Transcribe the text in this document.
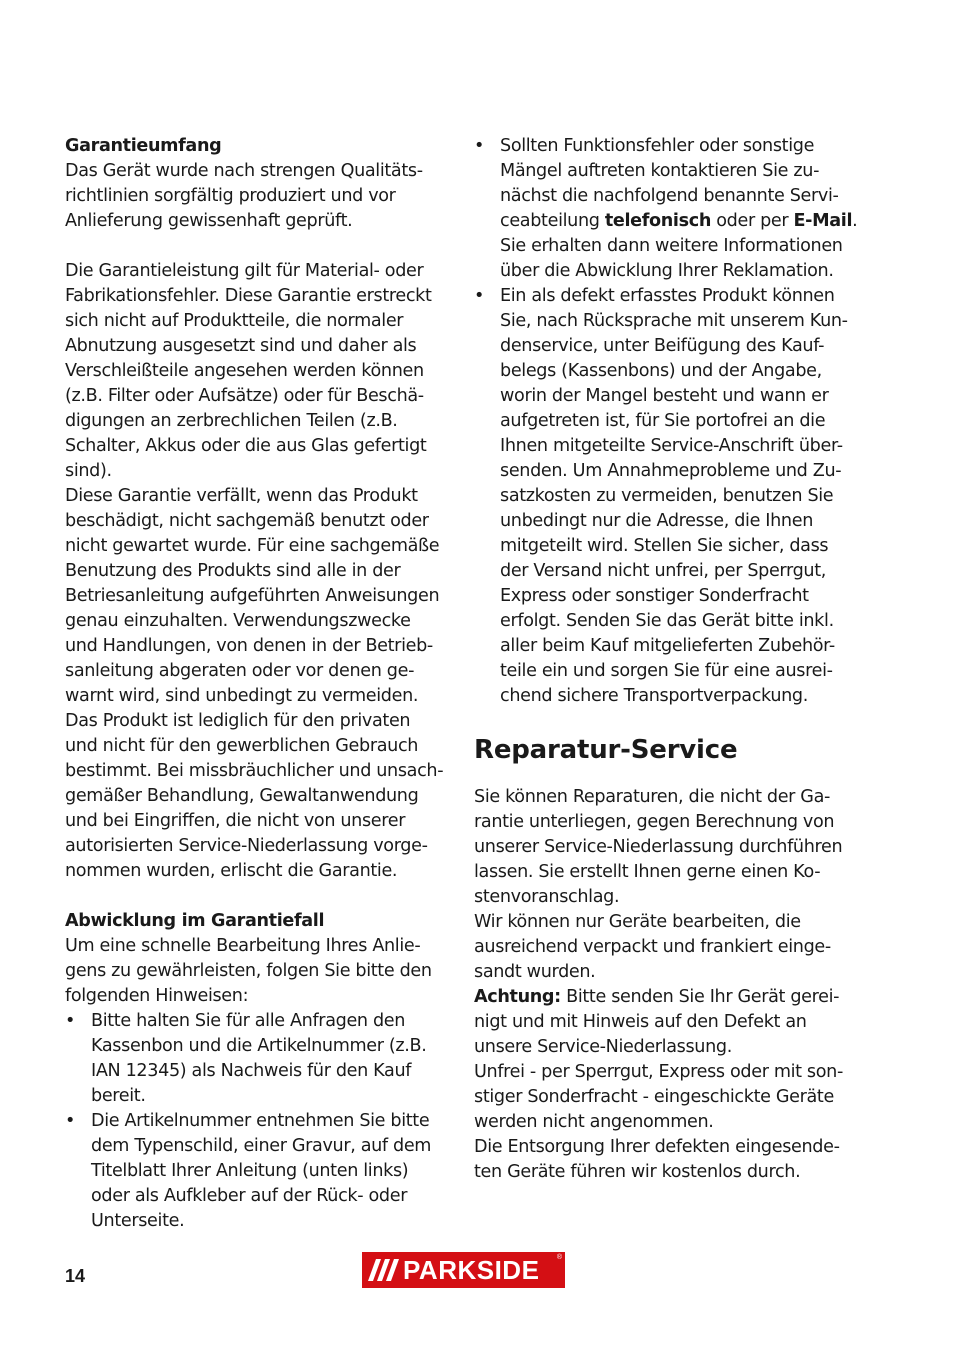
Garantieumfang

Das Gerät wurde nach strengen Qualitäts-
richtlinien sorgfältig produziert und vor
Anlieferung gewissenhaft geprüft.

Die Garantieleistung gilt für Material- oder
Fabrikationsfehler. Diese Garantie erstreckt
sich nicht auf Produktteile, die normaler
Abnutzung ausgesetzt sind und daher als
Verschleißteile angesehen werden können
(z.B. Filter oder Aufsätze) oder für Beschä-
digungen an zerbrechlichen Teilen (z.B.
Schalter, Akkus oder die aus Glas gefertigt
sind).

Diese Garantie verfällt, wenn das Produkt
beschädigt, nicht sachgemäß benutzt oder
nicht gewartet wurde. Für eine sachgemäße
Benutzung des Produkts sind alle in der
Betriesanleitung aufgeführten Anweisungen
genau einzuhalten. Verwendungszwecke
und Handlungen, von denen in der Betrieb-
sanleitung abgeraten oder vor denen ge-
warnt wird, sind unbedingt zu vermeiden.
Das Produkt ist lediglich für den privaten
und nicht für den gewerblichen Gebrauch
bestimmt. Bei missbräuchlicher und unsach-
gemäßer Behandlung, Gewaltanwendung
und bei Eingriffen, die nicht von unserer
autorisierten Service-Niederlassung vorge-
nommen wurden, erlischt die Garantie.

Abwicklung im Garantiefall

Um eine schnelle Bearbeitung Ihres Anlie-
gens zu gewährleisten, folgen Sie bitte den
folgenden Hinweisen:

• Bitte halten Sie für alle Anfragen den
Kassenbon und die Artikelnummer (z.B.
IAN 12345) als Nachweis für den Kauf
bereit.
• Die Artikelnummer entnehmen Sie bitte
dem Typenschild, einer Gravur, auf dem
Titelblatt Ihrer Anleitung (unten links)
oder als Aufkleber auf der Rück- oder
Unterseite.
• Sollten Funktionsfehler oder sonstige
Mängel auftreten kontaktieren Sie zu-
nächst die nachfolgend benannte Servi-
ceabteilung telefonisch oder per E-Mail.
Sie erhalten dann weitere Informationen
über die Abwicklung Ihrer Reklamation.
• Ein als defekt erfasstes Produkt können
Sie, nach Rücksprache mit unserem Kun-
denservice, unter Beifügung des Kauf-
belegs (Kassenbons) und der Angabe,
worin der Mangel besteht und wann er
aufgetreten ist, für Sie portofrei an die
Ihnen mitgeteilte Service-Anschrift über-
senden. Um Annahmeprobleme und Zu-
satzkosten zu vermeiden, benutzen Sie
unbedingt nur die Adresse, die Ihnen
mitgeteilt wird. Stellen Sie sicher, dass
der Versand nicht unfrei, per Sperrgut,
Express oder sonstiger Sonderfracht
erfolgt. Senden Sie das Gerät bitte inkl.
aller beim Kauf mitgelieferten Zubehör-
teile ein und sorgen Sie für eine ausrei-
chend sichere Transportverpackung.

Reparatur-Service

Sie können Reparaturen, die nicht der Ga-
rantie unterliegen, gegen Berechnung von
unserer Service-Niederlassung durchführen
lassen. Sie erstellt Ihnen gerne einen Ko-
stenvoranschlag.

Wir können nur Geräte bearbeiten, die
ausreichend verpackt und frankiert einge-
sandt wurden.

Achtung: Bitte senden Sie Ihr Gerät gerei-
nigt und mit Hinweis auf den Defekt an
unsere Service-Niederlassung.

Unfrei - per Sperrgut, Express oder mit son-
stiger Sonderfracht - eingeschickte Geräte
werden nicht angenommen.

Die Entsorgung Ihrer defekten eingesende-
ten Geräte führen wir kostenlos durch.

14	PARKSIDE ®
